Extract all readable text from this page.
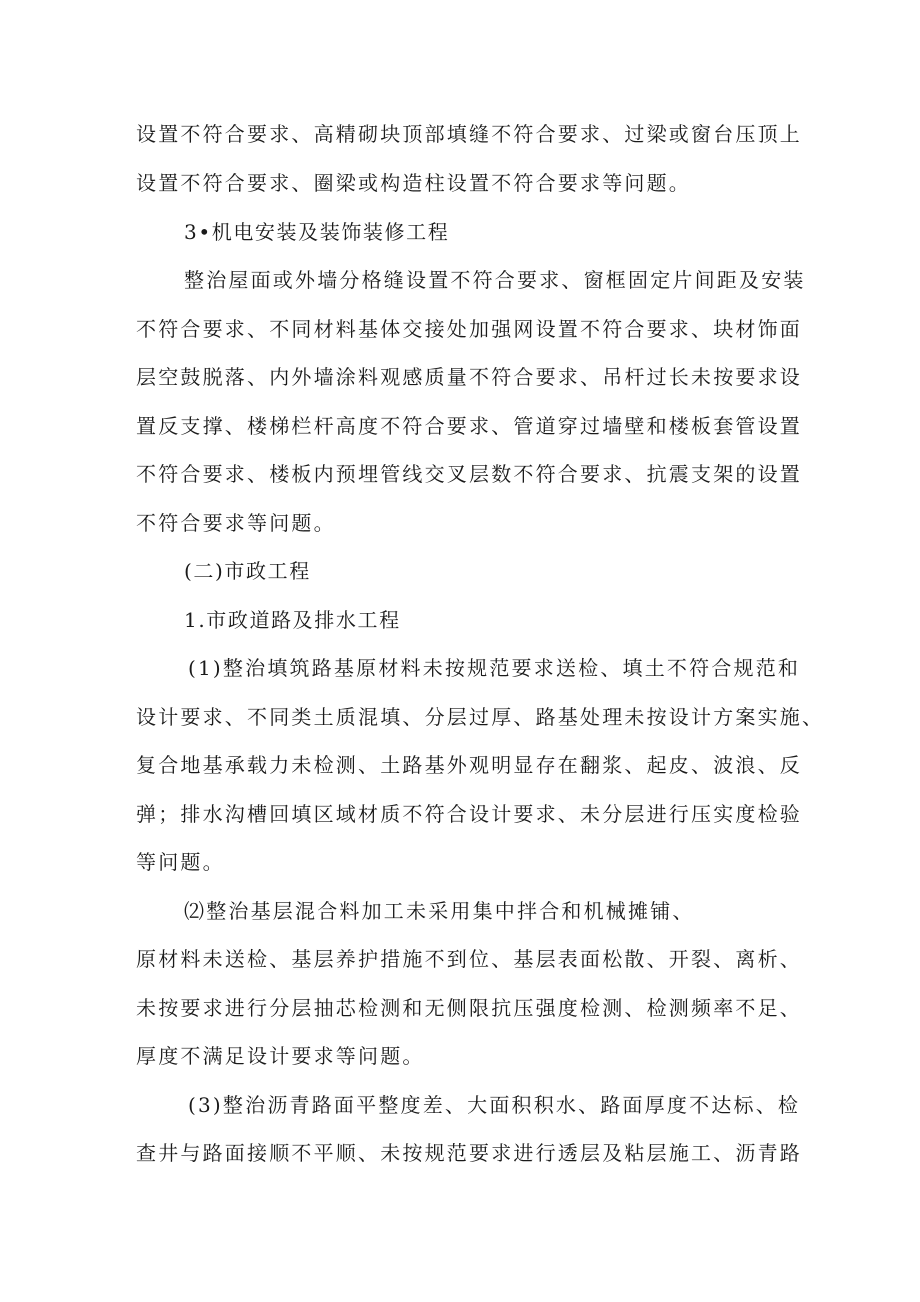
设置不符合要求、高精砌块顶部填缝不符合要求、过梁或窗台压顶上
设置不符合要求、圈梁或构造柱设置不符合要求等问题。
3•机电安装及装饰装修工程
整治屋面或外墙分格缝设置不符合要求、窗框固定片间距及安装
不符合要求、不同材料基体交接处加强网设置不符合要求、块材饰面
层空鼓脱落、内外墙涂料观感质量不符合要求、吊杆过长未按要求设
置反支撑、楼梯栏杆高度不符合要求、管道穿过墙壁和楼板套管设置
不符合要求、楼板内预埋管线交叉层数不符合要求、抗震支架的设置
不符合要求等问题。
(二)市政工程
1.市政道路及排水工程
(1)整治填筑路基原材料未按规范要求送检、填土不符合规范和
设计要求、不同类土质混填、分层过厚、路基处理未按设计方案实施、
复合地基承载力未检测、土路基外观明显存在翻浆、起皮、波浪、反
弹；排水沟槽回填区域材质不符合设计要求、未分层进行压实度检验
等问题。
⑵整治基层混合料加工未采用集中拌合和机械摊铺、
原材料未送检、基层养护措施不到位、基层表面松散、开裂、离析、
未按要求进行分层抽芯检测和无侧限抗压强度检测、检测频率不足、
厚度不满足设计要求等问题。
(3)整治沥青路面平整度差、大面积积水、路面厚度不达标、检
查井与路面接顺不平顺、未按规范要求进行透层及粘层施工、沥青路
